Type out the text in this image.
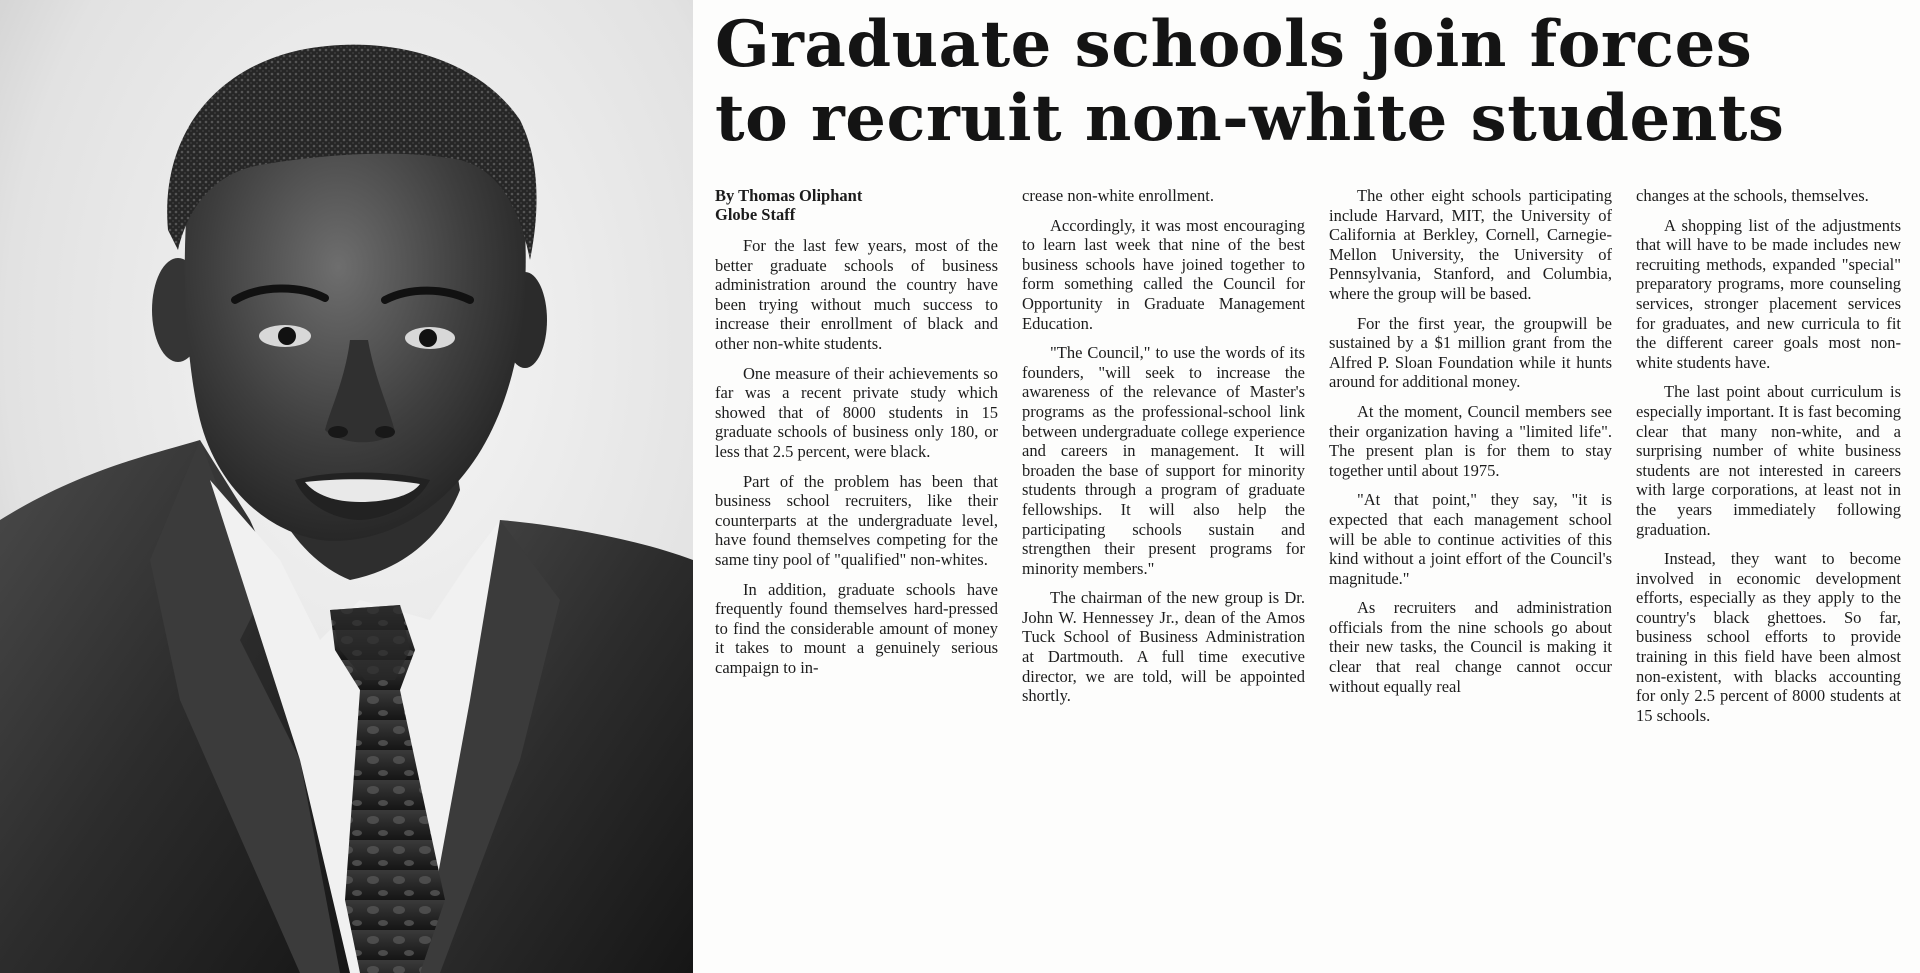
Graduate schools join forces
to recruit non-white students
By Thomas Oliphant
Globe Staff

For the last few years, most of the better graduate schools of business administration around the country have been trying without much success to increase their enrollment of black and other non-white students.

One measure of their achievements so far was a recent private study which showed that of 8000 students in 15 graduate schools of business only 180, or less that 2.5 percent, were black.

Part of the problem has been that business school recruiters, like their counterparts at the undergraduate level, have found themselves competing for the same tiny pool of "qualified" non-whites.

In addition, graduate schools have frequently found themselves hard-pressed to find the considerable amount of money it takes to mount a genuinely serious campaign to in-

crease non-white enrollment.

Accordingly, it was most encouraging to learn last week that nine of the best business schools have joined together to form something called the Council for Opportunity in Graduate Management Education.

"The Council," to use the words of its founders, "will seek to increase the awareness of the relevance of Master's programs as the professional-school link between undergraduate college experience and careers in management. It will broaden the base of support for minority students through a program of graduate fellowships. It will also help the participating schools sustain and strengthen their present programs for minority members."

The chairman of the new group is Dr. John W. Hennessey Jr., dean of the Amos Tuck School of Business Administration at Dartmouth. A full time executive director, we are told, will be appointed shortly.

The other eight schools participating include Harvard, MIT, the University of California at Berkley, Cornell, Carnegie-Mellon University, the University of Pennsylvania, Stanford, and Columbia, where the group will be based.

For the first year, the groupwill be sustained by a $1 million grant from the Alfred P. Sloan Foundation while it hunts around for additional money.

At the moment, Council members see their organization having a "limited life". The present plan is for them to stay together until about 1975.

"At that point," they say, "it is expected that each management school will be able to continue activities of this kind without a joint effort of the Council's magnitude."

As recruiters and administration officials from the nine schools go about their new tasks, the Council is making it clear that real change cannot occur without equally real

changes at the schools, themselves.

A shopping list of the adjustments that will have to be made includes new recruiting methods, expanded "special" preparatory programs, more counseling services, stronger placement services for graduates, and new curricula to fit the different career goals most non-white students have.

The last point about curriculum is especially important. It is fast becoming clear that many non-white, and a surprising number of white business students are not interested in careers with large corporations, at least not in the years immediately following graduation.

Instead, they want to become involved in economic development efforts, especially as they apply to the country's black ghettoes. So far, business school efforts to provide training in this field have been almost non-existent, with blacks accounting for only 2.5 percent of 8000 students at 15 schools.
